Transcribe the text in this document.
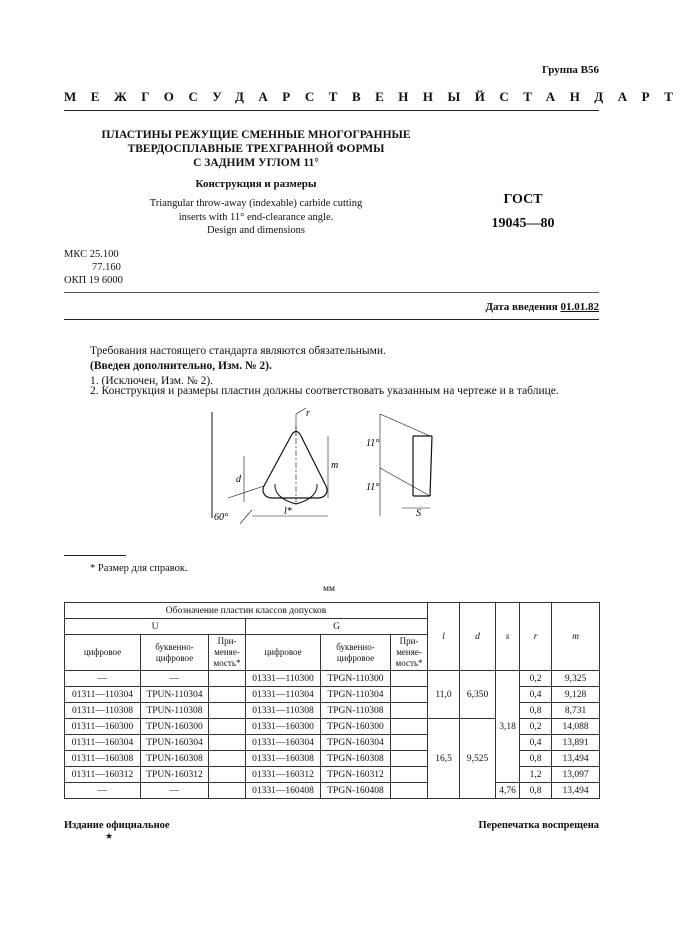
Группа В56
МЕЖГОСУДАРСТВЕННЫЙ СТАНДАРТ
ПЛАСТИНЫ РЕЖУЩИЕ СМЕННЫЕ МНОГОГРАННЫЕ
ТВЕРДОСПЛАВНЫЕ ТРЕХГРАННОЙ ФОРМЫ
С ЗАДНИМ УГЛОМ 11°
Конструкция и размеры
Triangular throw-away (indexable) carbide cutting
inserts with 11° end-clearance angle.
Design and dimensions
ГОСТ
19045—80
МКС 25.100
77.160
ОКП 19 6000
Дата введения 01.01.82
Требования настоящего стандарта являются обязательными.
(Введен дополнительно, Изм. № 2).
1. (Исключен, Изм. № 2).
2. Конструкция и размеры пластин должны соответствовать указанным на чертеже и в таблице.
r
d
m
l*
60°
11°
11°
S
* Размер для справок.
мм
Обозначение пластин классов допусков						l	d	s	r	m
U			G							
цифровое	буквенно-цифровое	При-меняе-мость*	цифровое	буквенно-цифровое	При-меняе-мость*					
—	—		01331—110300	TPGN-110300		11,0	6,350	3,18	0,2	9,325
01311—110304	TPUN-110304		01331—110304	TPGN-110304					0,4	9,128
01311—110308	TPUN-110308		01331—110308	TPGN-110308					0,8	8,731
01311—160300	TPUN-160300		01331—160300	TPGN-160300		16,5	9,525		0,2	14,088
01311—160304	TPUN-160304		01331—160304	TPGN-160304					0,4	13,891
01311—160308	TPUN-160308		01331—160308	TPGN-160308					0,8	13,494
01311—160312	TPUN-160312		01331—160312	TPGN-160312					1,2	13,097
—	—		01331—160408	TPGN-160408				4,76	0,8	13,494
Издание официальное
★
Перепечатка воспрещена
